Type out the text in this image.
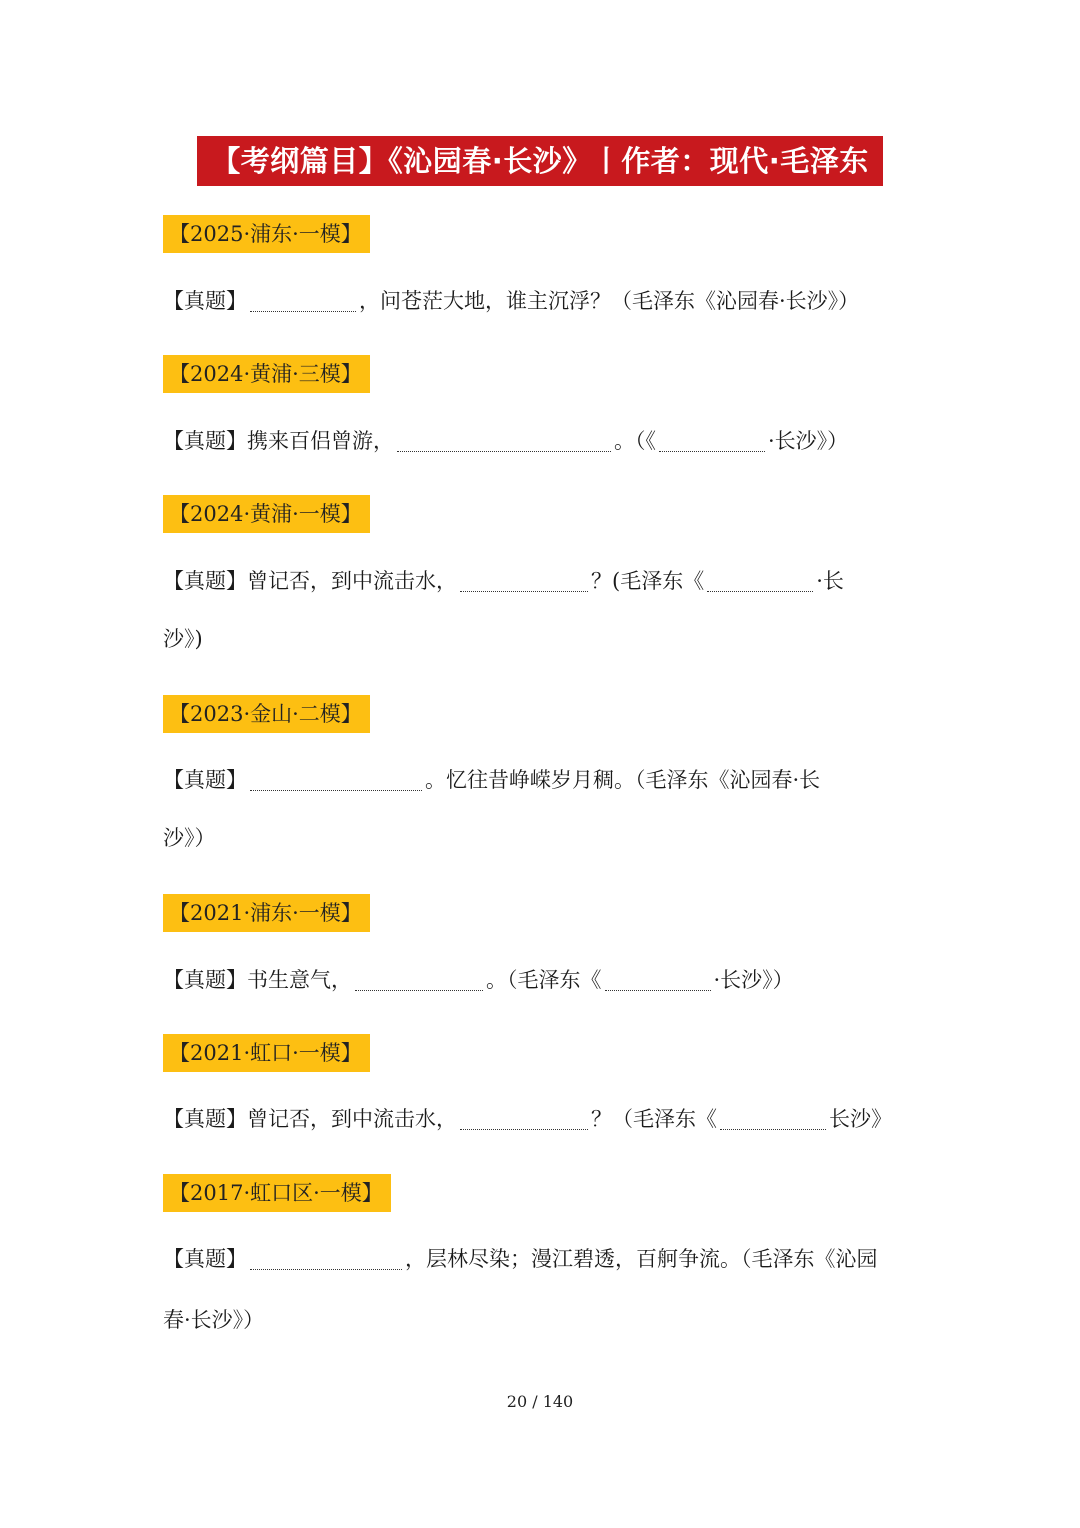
【考纲篇目】《沁园春·长沙》丨作者：现代·毛泽东
【2025·浦东·一模】
【真题】	，问苍茫大地，谁主沉浮？（毛泽东《沁园春·长沙》）
【2024·黄浦·三模】
【真题】携来百侣曾游，	。（《	·长沙》）
【2024·黄浦·一模】
【真题】曾记否，到中流击水，	？(毛泽东《	·长
沙》)
【2023·金山·二模】
【真题】	。忆往昔峥嵘岁月稠。（毛泽东《沁园春·长
沙》）
【2021·浦东·一模】
【真题】书生意气，	。（毛泽东《	·长沙》）
【2021·虹口·一模】
【真题】曾记否，到中流击水，	？（毛泽东《	长沙》
【2017·虹口区·一模】
【真题】	，层林尽染；漫江碧透，百舸争流。（毛泽东《沁园
春·长沙》）
20 / 140
